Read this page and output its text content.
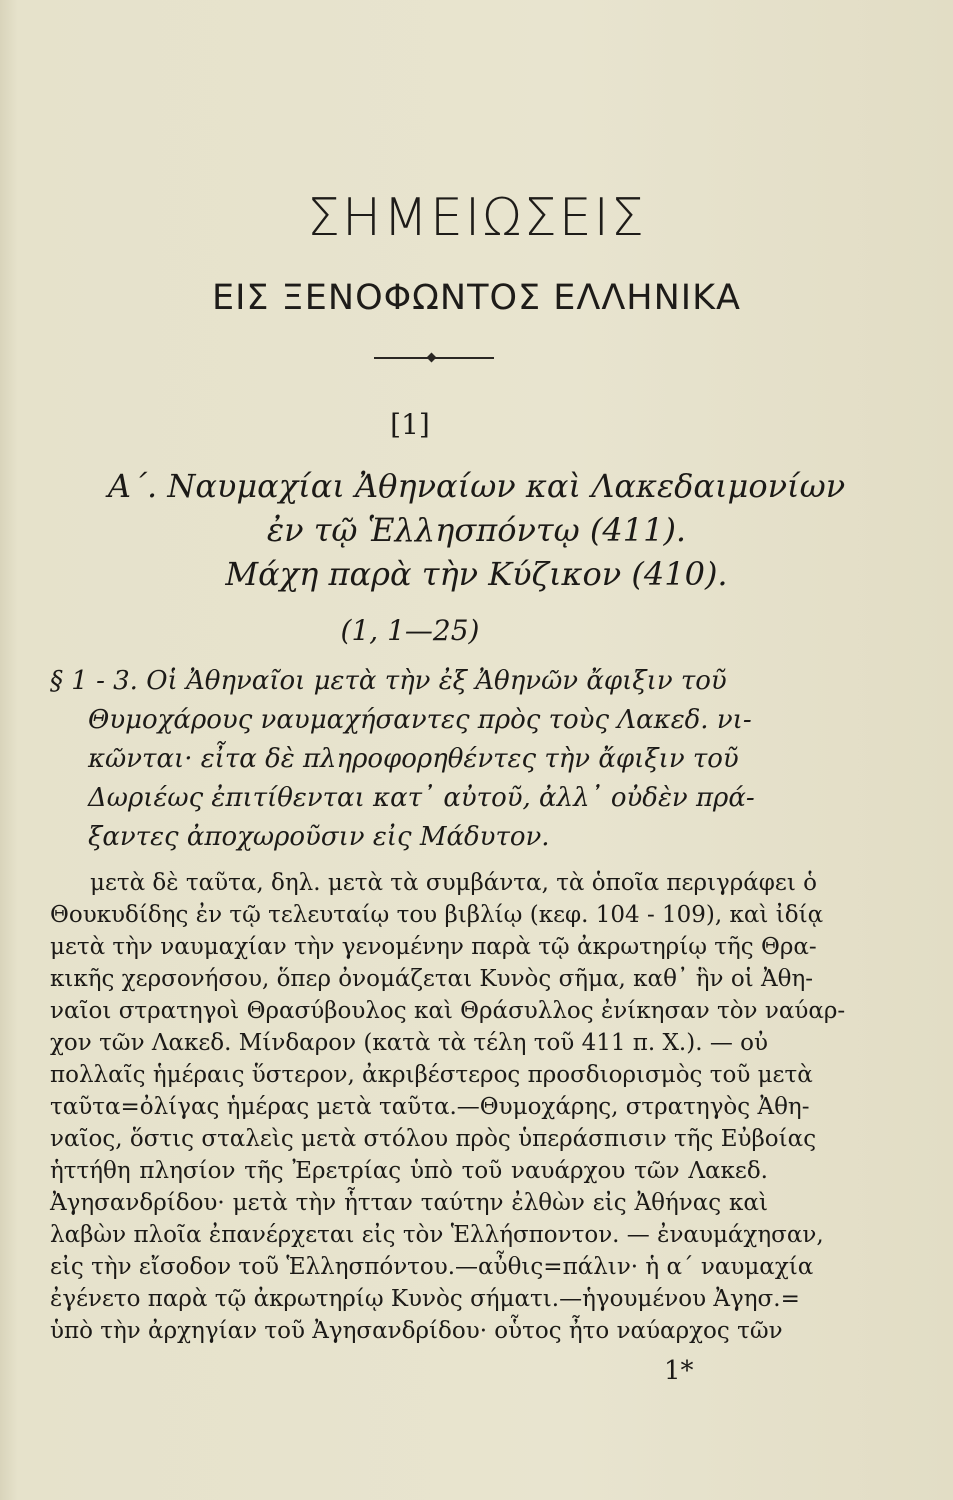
ΣΗΜΕΙΩΣΕΙΣ
ΕΙΣ ΞΕΝΟΦΩΝΤΟΣ ΕΛΛΗΝΙΚΑ
[1]
Α΄. Ναυμαχίαι Ἀθηναίων καὶ Λακεδαιμονίων
ἐν τῷ Ἑλλησπόντῳ (411).
Μάχη παρὰ τὴν Κύζικον (410).
(1, 1—25)
§ 1 - 3. Οἱ Ἀθηναῖοι μετὰ τὴν ἐξ Ἀθηνῶν ἄφιξιν τοῦ
Θυμοχάρους ναυμαχήσαντες πρὸς τοὺς Λακεδ. νι-
κῶνται· εἶτα δὲ πληροφορηθέντες τὴν ἄφιξιν τοῦ
Δωριέως ἐπιτίθενται κατ᾽ αὐτοῦ, ἀλλ᾽ οὐδὲν πρά-
ξαντες ἀποχωροῦσιν εἰς Μάδυτον.
μετὰ δὲ ταῦτα, δηλ. μετὰ τὰ συμβάντα, τὰ ὁποῖα περιγράφει ὁ
Θουκυδίδης ἐν τῷ τελευταίῳ του βιβλίῳ (κεφ. 104 - 109), καὶ ἰδίᾳ
μετὰ τὴν ναυμαχίαν τὴν γενομένην παρὰ τῷ ἀκρωτηρίῳ τῆς Θρα-
κικῆς χερσονήσου, ὅπερ ὀνομάζεται Κυνὸς σῆμα, καθ᾽ ἣν οἱ Ἀθη-
ναῖοι στρατηγοὶ Θρασύβουλος καὶ Θράσυλλος ἐνίκησαν τὸν ναύαρ-
χον τῶν Λακεδ. Μίνδαρον (κατὰ τὰ τέλη τοῦ 411 π. Χ.). — οὐ
πολλαῖς ἡμέραις ὕστερον, ἀκριβέστερος προσδιορισμὸς τοῦ μετὰ
ταῦτα=ὀλίγας ἡμέρας μετὰ ταῦτα.—Θυμοχάρης, στρατηγὸς Ἀθη-
ναῖος, ὅστις σταλεὶς μετὰ στόλου πρὸς ὑπεράσπισιν τῆς Εὐβοίας
ἡττήθη πλησίον τῆς Ἐρετρίας ὑπὸ τοῦ ναυάρχου τῶν Λακεδ.
Ἀγησανδρίδου· μετὰ τὴν ἧτταν ταύτην ἐλθὼν εἰς Ἀθήνας καὶ
λαβὼν πλοῖα ἐπανέρχεται εἰς τὸν Ἑλλήσποντον. — ἐναυμάχησαν,
εἰς τὴν εἴσοδον τοῦ Ἑλλησπόντου.—αὖθις=πάλιν· ἡ α΄ ναυμαχία
ἐγένετο παρὰ τῷ ἀκρωτηρίῳ Κυνὸς σήματι.—ἡγουμένου Ἀγησ.=
ὑπὸ τὴν ἀρχηγίαν τοῦ Ἀγησανδρίδου· οὗτος ἦτο ναύαρχος τῶν
1*
